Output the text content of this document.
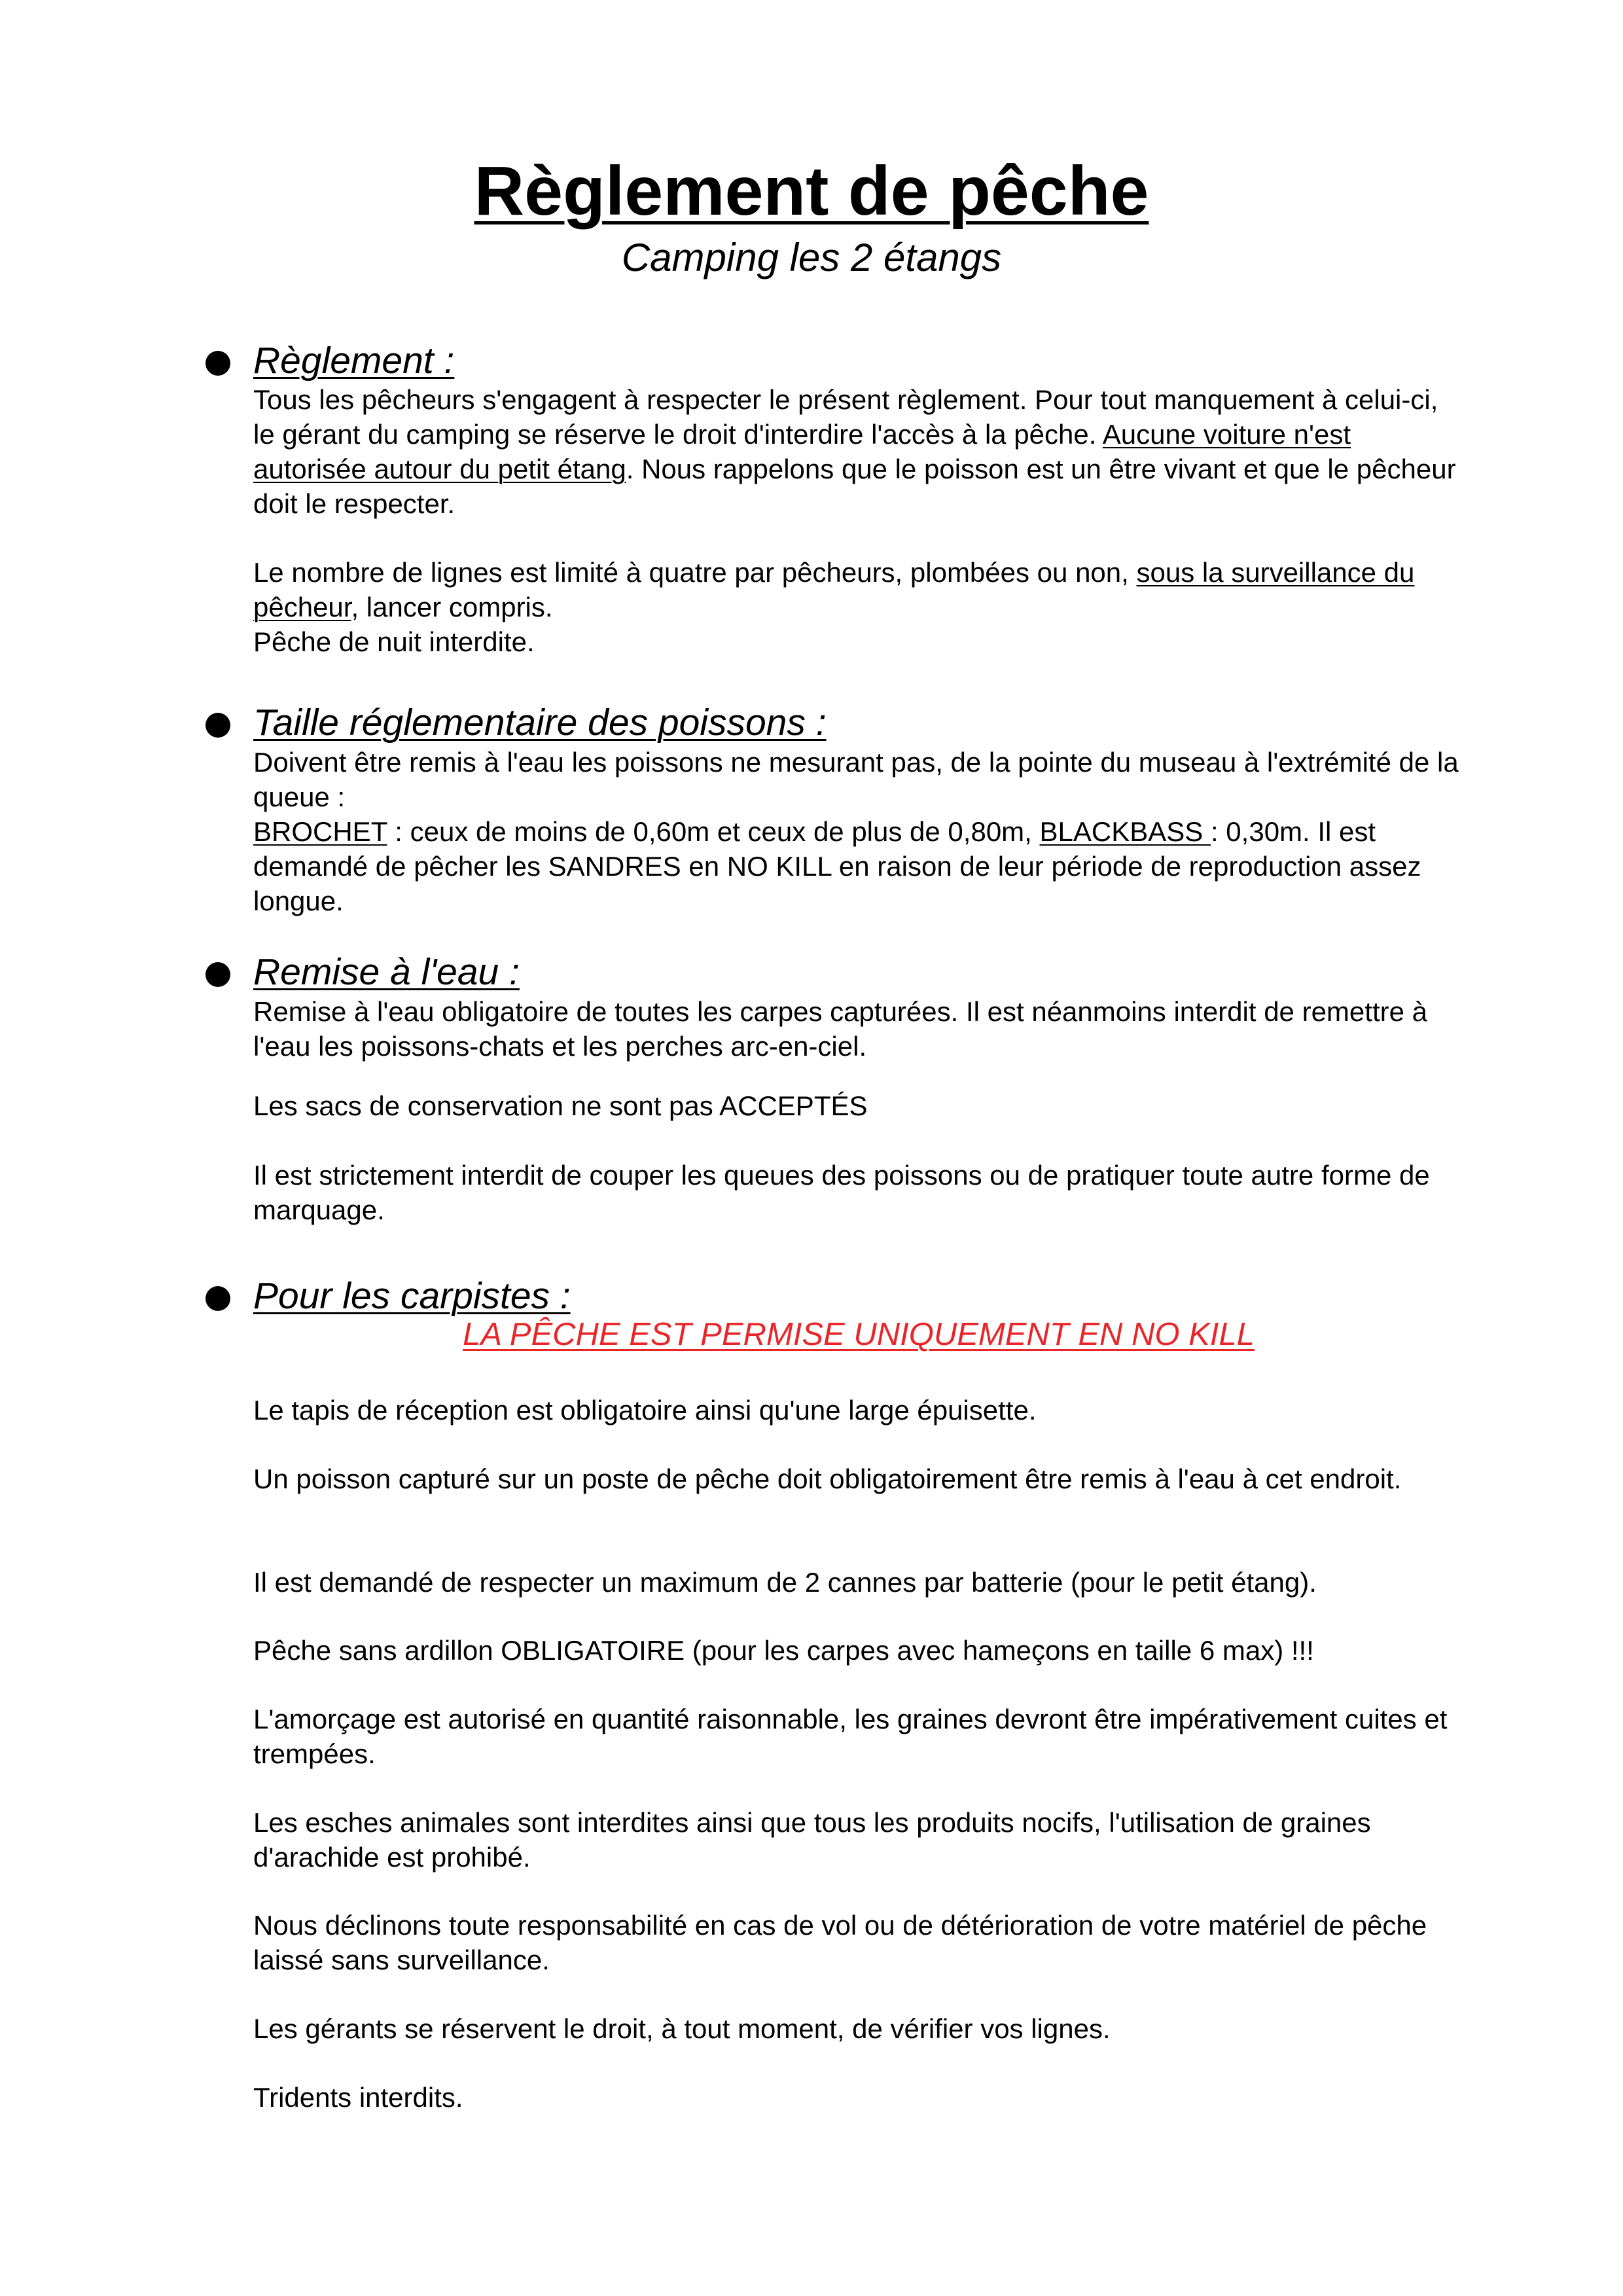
Règlement de pêche
Camping les 2 étangs
Règlement :

Tous les pêcheurs s'engagent à respecter le présent règlement. Pour tout manquement à celui-ci, le gérant du camping se réserve le droit d'interdire l'accès à la pêche. Aucune voiture n'est autorisée autour du petit étang. Nous rappelons que le poisson est un être vivant et que le pêcheur doit le respecter.

Le nombre de lignes est limité à quatre par pêcheurs, plombées ou non, sous la surveillance du pêcheur, lancer compris.

Pêche de nuit interdite.

Taille réglementaire des poissons :

Doivent être remis à l'eau les poissons ne mesurant pas, de la pointe du museau à l'extrémité de la queue :

BROCHET : ceux de moins de 0,60m et ceux de plus de 0,80m, BLACKBASS : 0,30m. Il est demandé de pêcher les SANDRES en NO KILL en raison de leur période de reproduction assez longue.

Remise à l'eau :
Remise à l'eau obligatoire de toutes les carpes capturées. Il est néanmoins interdit de remettre à l'eau les poissons-chats et les perches arc-en-ciel.
Les sacs de conservation ne sont pas ACCEPTÉS
Il est strictement interdit de couper les queues des poissons ou de pratiquer toute autre forme de marquage.
Pour les carpistes :
LA PÊCHE EST PERMISE UNIQUEMENT EN NO KILL
Le tapis de réception est obligatoire ainsi qu'une large épuisette.
Un poisson capturé sur un poste de pêche doit obligatoirement être remis à l'eau à cet endroit.
Il est demandé de respecter un maximum de 2 cannes par batterie (pour le petit étang).
Pêche sans ardillon OBLIGATOIRE (pour les carpes avec hameçons en taille 6 max) !!!
L'amorçage est autorisé en quantité raisonnable, les graines devront être impérativement cuites et trempées.
Les esches animales sont interdites ainsi que tous les produits nocifs, l'utilisation de graines d'arachide est prohibé.
Nous déclinons toute responsabilité en cas de vol ou de détérioration de votre matériel de pêche laissé sans surveillance.
Les gérants se réservent le droit, à tout moment, de vérifier vos lignes.
Tridents interdits.
